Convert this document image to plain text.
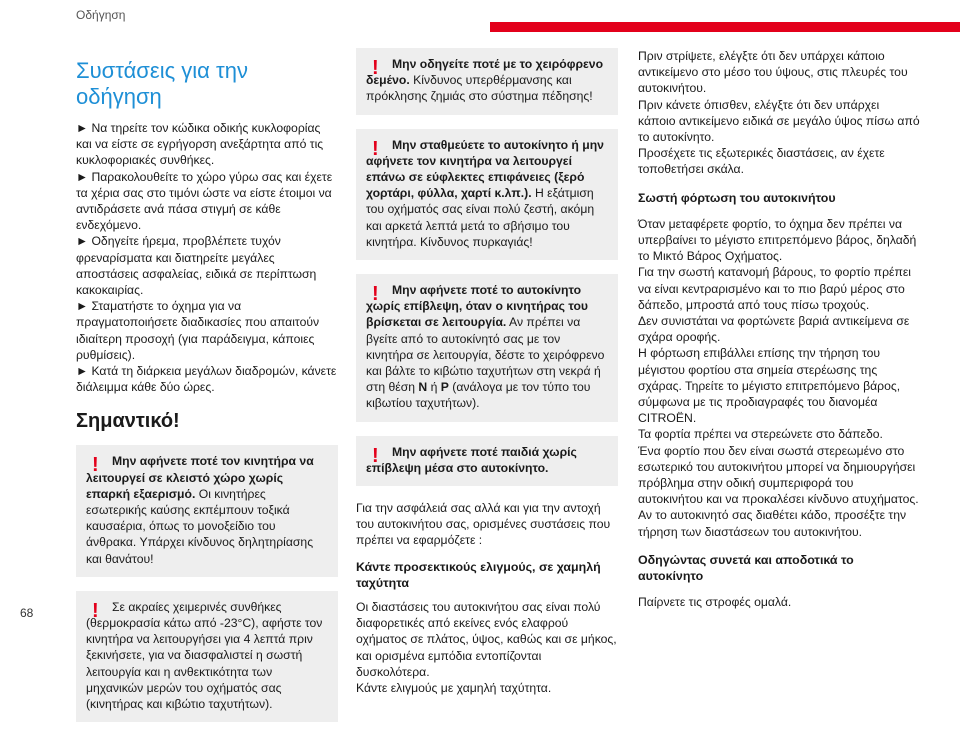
Οδήγηση
68
Συστάσεις για την οδήγηση

► Να τηρείτε τον κώδικα οδικής κυκλοφορίας και να είστε σε εγρήγορση ανεξάρτητα από τις κυκλοφοριακές συνθήκες.

► Παρακολουθείτε το χώρο γύρω σας και έχετε τα χέρια σας στο τιμόνι ώστε να είστε έτοιμοι να αντιδράσετε ανά πάσα στιγμή σε κάθε ενδεχόμενο.

► Οδηγείτε ήρεμα, προβλέπετε τυχόν φρεναρίσματα και διατηρείτε μεγάλες αποστάσεις ασφαλείας, ειδικά σε περίπτωση κακοκαιρίας.

► Σταματήστε το όχημα για να πραγματοποιήσετε διαδικασίες που απαιτούν ιδιαίτερη προσοχή (για παράδειγμα, κάποιες ρυθμίσεις).

► Κατά τη διάρκεια μεγάλων διαδρομών, κάνετε διάλειμμα κάθε δύο ώρες.

Σημαντικό!
!	Μην αφήνετε ποτέ τον κινητήρα να λειτουργεί σε κλειστό χώρο χωρίς επαρκή εξαερισμό. Οι κινητήρες εσωτερικής καύσης εκπέμπουν τοξικά καυσαέρια, όπως το μονοξείδιο του άνθρακα. Υπάρχει κίνδυνος δηλητηρίασης και θανάτου!

!	Σε ακραίες χειμερινές συνθήκες (θερμοκρασία κάτω από -23°C), αφήστε τον κινητήρα να λειτουργήσει για 4 λεπτά πριν ξεκινήσετε, για να διασφαλιστεί η σωστή λειτουργία και η ανθεκτικότητα των μηχανικών μερών του οχήματός σας (κινητήρας και κιβώτιο ταχυτήτων).

!	Μην οδηγείτε ποτέ με το χειρόφρενο δεμένο. Κίνδυνος υπερθέρμανσης και πρόκλησης ζημιάς στο σύστημα πέδησης!

!	Μην σταθμεύετε το αυτοκίνητο ή μην αφήνετε τον κινητήρα να λειτουργεί επάνω σε εύφλεκτες επιφάνειες (ξερό χορτάρι, φύλλα, χαρτί κ.λπ.). Η εξάτμιση του οχήματός σας είναι πολύ ζεστή, ακόμη και αρκετά λεπτά μετά το σβήσιμο του κινητήρα. Κίνδυνος πυρκαγιάς!

!	Μην αφήνετε ποτέ το αυτοκίνητο χωρίς επίβλεψη, όταν ο κινητήρας του βρίσκεται σε λειτουργία. Αν πρέπει να βγείτε από το αυτοκίνητό σας με τον κινητήρα σε λειτουργία, δέστε το χειρόφρενο και βάλτε το κιβώτιο ταχυτήτων στη νεκρά ή στη θέση N ή P (ανάλογα με τον τύπο του κιβωτίου ταχυτήτων).

!	Μην αφήνετε ποτέ παιδιά χωρίς επίβλεψη μέσα στο αυτοκίνητο.

Για την ασφάλειά σας αλλά και για την αντοχή του αυτοκινήτου σας, ορισμένες συστάσεις που πρέπει να εφαρμόζετε :

Κάντε προσεκτικούς ελιγμούς, σε χαμηλή ταχύτητα

Οι διαστάσεις του αυτοκινήτου σας είναι πολύ διαφορετικές από εκείνες ενός ελαφρού οχήματος σε πλάτος, ύψος, καθώς και σε μήκος, και ορισμένα εμπόδια εντοπίζονται δυσκολότερα.

Κάντε ελιγμούς με χαμηλή ταχύτητα.

Πριν στρίψετε, ελέγξτε ότι δεν υπάρχει κάποιο αντικείμενο στο μέσο του ύψους, στις πλευρές του αυτοκινήτου.

Πριν κάνετε όπισθεν, ελέγξτε ότι δεν υπάρχει κάποιο αντικείμενο ειδικά σε μεγάλο ύψος πίσω από το αυτοκίνητο.

Προσέχετε τις εξωτερικές διαστάσεις, αν έχετε τοποθετήσει σκάλα.

Σωστή φόρτωση του αυτοκινήτου

Όταν μεταφέρετε φορτίο, το όχημα δεν πρέπει να υπερβαίνει το μέγιστο επιτρεπόμενο βάρος, δηλαδή το Μικτό Βάρος Οχήματος.

Για την σωστή κατανομή βάρους, το φορτίο πρέπει να είναι κεντραρισμένο και το πιο βαρύ μέρος στο δάπεδο, μπροστά από τους πίσω τροχούς.

Δεν συνιστάται να φορτώνετε βαριά αντικείμενα σε σχάρα οροφής.

Η φόρτωση επιβάλλει επίσης την τήρηση του μέγιστου φορτίου στα σημεία στερέωσης της σχάρας. Τηρείτε το μέγιστο επιτρεπόμενο βάρος, σύμφωνα με τις προδιαγραφές του διανομέα CITROËN.

Τα φορτία πρέπει να στερεώνετε στο δάπεδο.

Ένα φορτίο που δεν είναι σωστά στερεωμένο στο εσωτερικό του αυτοκινήτου μπορεί να δημιουργήσει πρόβλημα στην οδική συμπεριφορά του αυτοκινήτου και να προκαλέσει κίνδυνο ατυχήματος.

Αν το αυτοκινητό σας διαθέτει κάδο, προσέξτε την τήρηση των διαστάσεων του αυτοκινήτου.

Οδηγώντας συνετά και αποδοτικά το αυτοκίνητο

Παίρνετε τις στροφές ομαλά.
